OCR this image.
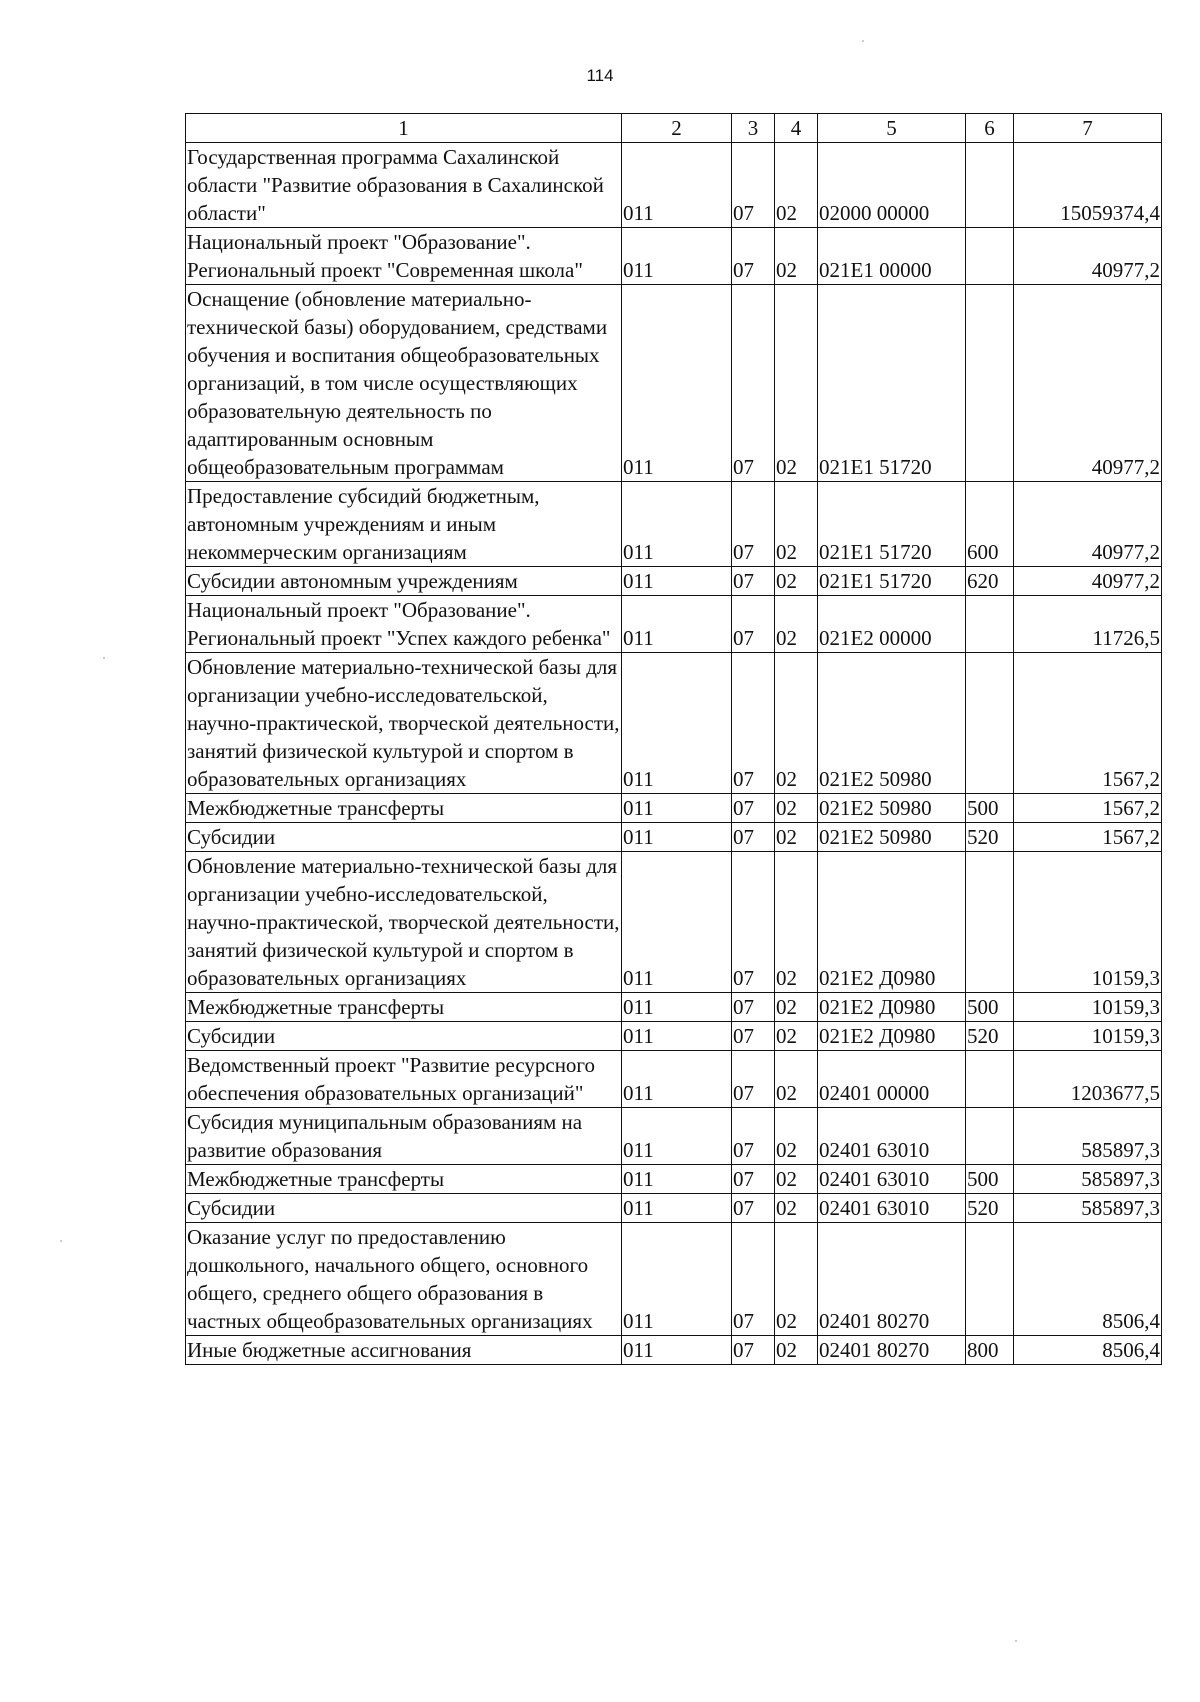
114
1	2	3	4	5	6	7
Государственная программа Сахалинской области "Развитие образования в Сахалинской области"	011	07	02	02000 00000		15059374,4
Национальный проект "Образование". Региональный проект "Современная школа"	011	07	02	021E1 00000		40977,2
Оснащение (обновление материально-технической базы) оборудованием, средствами обучения и воспитания общеобразовательных организаций, в том числе осуществляющих образовательную деятельность по адаптированным основным общеобразовательным программам	011	07	02	021E1 51720		40977,2
Предоставление субсидий бюджетным, автономным учреждениям и иным некоммерческим организациям	011	07	02	021E1 51720	600	40977,2
Субсидии автономным учреждениям	011	07	02	021E1 51720	620	40977,2
Национальный проект "Образование". Региональный проект "Успех каждого ребенка"	011	07	02	021E2 00000		11726,5
Обновление материально-технической базы для организации учебно-исследовательской, научно-практической, творческой деятельности, занятий физической культурой и спортом в образовательных организациях	011	07	02	021E2 50980		1567,2
Межбюджетные трансферты	011	07	02	021E2 50980	500	1567,2
Субсидии	011	07	02	021E2 50980	520	1567,2
Обновление материально-технической базы для организации учебно-исследовательской, научно-практической, творческой деятельности, занятий физической культурой и спортом в образовательных организациях	011	07	02	021E2 Д0980		10159,3
Межбюджетные трансферты	011	07	02	021E2 Д0980	500	10159,3
Субсидии	011	07	02	021E2 Д0980	520	10159,3
Ведомственный проект "Развитие ресурсного обеспечения образовательных организаций"	011	07	02	02401 00000		1203677,5
Субсидия муниципальным образованиям на развитие образования	011	07	02	02401 63010		585897,3
Межбюджетные трансферты	011	07	02	02401 63010	500	585897,3
Субсидии	011	07	02	02401 63010	520	585897,3
Оказание услуг по предоставлению дошкольного, начального общего, основного общего, среднего общего образования в частных общеобразовательных организациях	011	07	02	02401 80270		8506,4
Иные бюджетные ассигнования	011	07	02	02401 80270	800	8506,4
